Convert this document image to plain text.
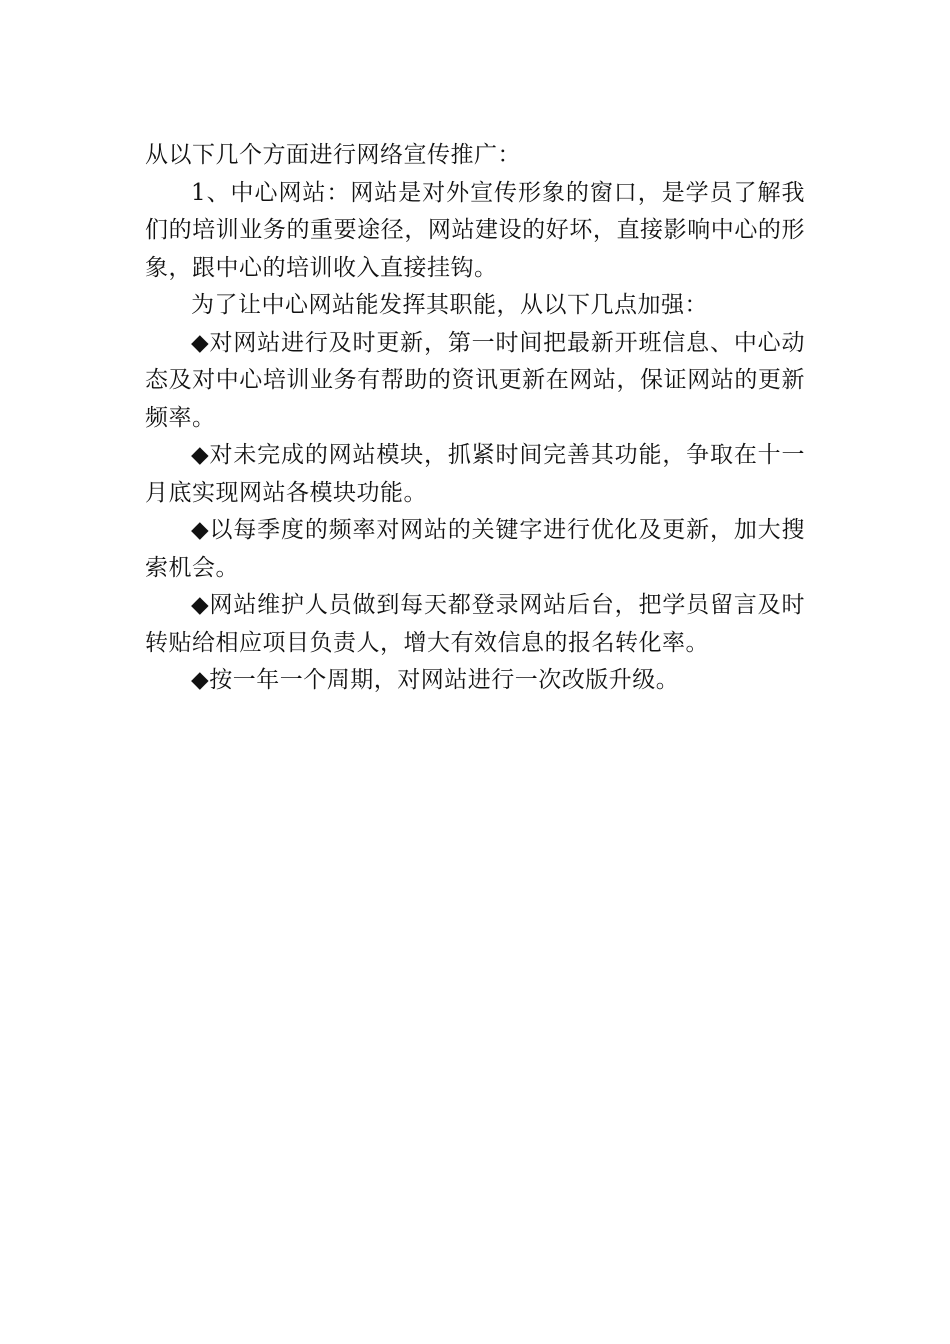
从以下几个方面进行网络宣传推广：

1、中心网站：网站是对外宣传形象的窗口，是学员了解我们的培训业务的重要途径，网站建设的好坏，直接影响中心的形象，跟中心的培训收入直接挂钩。

为了让中心网站能发挥其职能，从以下几点加强：

◆对网站进行及时更新，第一时间把最新开班信息、中心动态及对中心培训业务有帮助的资讯更新在网站，保证网站的更新频率。

◆对未完成的网站模块，抓紧时间完善其功能，争取在十一月底实现网站各模块功能。

◆以每季度的频率对网站的关键字进行优化及更新，加大搜索机会。

◆网站维护人员做到每天都登录网站后台，把学员留言及时转贴给相应项目负责人，增大有效信息的报名转化率。

◆按一年一个周期，对网站进行一次改版升级。
